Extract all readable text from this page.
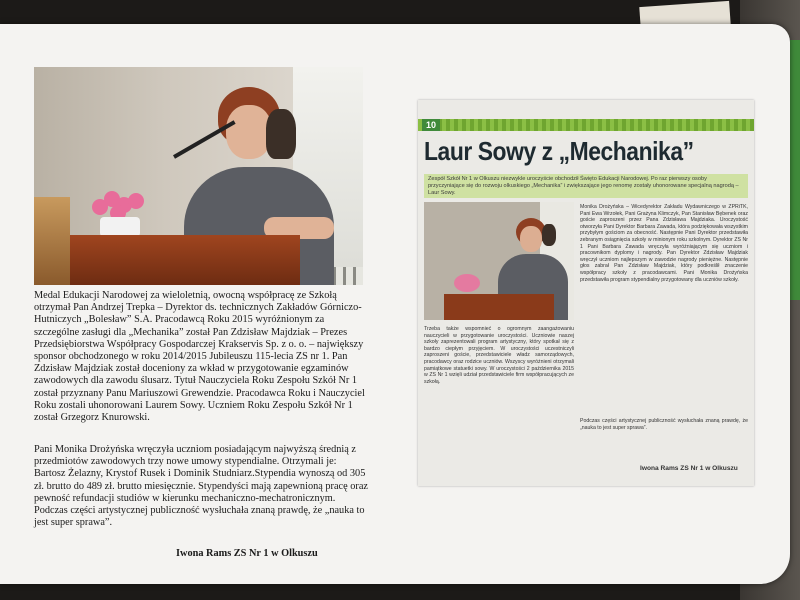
Medal Edukacji Narodowej za wieloletnią, owocną współpracę ze Szkołą otrzymał Pan Andrzej Trepka – Dyrektor ds. technicznych Zakładów Górniczo-Hutniczych „Bolesław” S.A. Pracodawcą Roku 2015 wyróżnionym za szczególne zasługi dla „Mechanika” został Pan Zdzisław Majdziak – Prezes Przedsiębiorstwa Współpracy Gospodarczej Krakservis Sp. z o. o. – największy sponsor obchodzonego w roku 2014/2015 Jubileuszu 115-lecia ZS nr 1. Pan Zdzisław Majdziak został doceniony za wkład w przygotowanie egzaminów zawodowych dla zawodu ślusarz. Tytuł Nauczyciela Roku Zespołu Szkół Nr 1 został przyznany Panu Mariuszowi Grewendzie. Pracodawca Roku i Nauczyciel Roku zostali uhonorowani Laurem Sowy. Uczniem Roku Zespołu Szkół Nr 1 został Grzegorz Knurowski.
Pani Monika Drożyńska wręczyła uczniom posiadającym najwyższą średnią z przedmiotów zawodowych trzy nowe umowy stypendialne. Otrzymali je: Bartosz Żelazny, Krystof Rusek i Dominik Studniarz.Stypendia wynoszą od 305 zł. brutto do 489 zł. brutto miesięcznie. Stypendyści mają zapewnioną pracę oraz pewność refundacji studiów w kierunku mechaniczno-mechatronicznym. Podczas części artystycznej publiczność wysłuchała znaną prawdę, że „nauka to jest super sprawa”.
Iwona Rams ZS Nr 1 w Olkuszu
10
Laur Sowy z „Mechanika”
Zespół Szkół Nr 1 w Olkuszu niezwykle uroczyście obchodził Święto Edukacji Narodowej. Po raz pierwszy osoby przyczyniające się do rozwoju olkuskiego „Mechanika” i zwiększające jego renomę zostały uhonorowane specjalną nagrodą – Laur Sowy.
Monika Drożyńska – Wicedyrektor Zakładu Wydawniczego w ZPRiTK, Pani Ewa Wrzołek, Pani Grażyna Klimczyk, Pan Stanisław Bębenek oraz goście zaproszeni przez Pana Zdzisława Majdziaka. Uroczystość otworzyła Pani Dyrektor Barbara Zawada, która podziękowała wszystkim przybyłym gościom za obecność. Następnie Pani Dyrektor przedstawiła zebranym osiągnięcia szkoły w minionym roku szkolnym. Dyrektor ZS Nr 1 Pani Barbara Zawada wręczyła wyróżniającym się uczniom i pracownikom dyplomy i nagrody. Pan Dyrektor Zdzisław Majdziak wręczył uczniom najlepszym w zawodzie nagrody pieniężne. Następnie głos zabrał Pan Zdzisław Majdziak, który podkreślił znaczenie współpracy szkoły z pracodawcami. Pani Monika Drożyńska przedstawiła program stypendialny przygotowany dla uczniów szkoły.
Trzeba także wspomnieć o ogromnym zaangażowaniu nauczycieli w przygotowanie uroczystości. Uczniowie naszej szkoły zaprezentowali program artystyczny, który spotkał się z bardzo ciepłym przyjęciem. W uroczystości uczestniczyli zaproszeni goście, przedstawiciele władz samorządowych, pracodawcy oraz rodzice uczniów. Wszyscy wyróżnieni otrzymali pamiątkowe statuetki sowy. W uroczystości 2 października 2015 w ZS Nr 1 wzięli udział przedstawiciele firm współpracujących ze szkołą.
Podczas części artystycznej publiczność wysłuchała znaną prawdę, że „nauka to jest super sprawa”.
Iwona Rams ZS Nr 1 w Olkuszu
